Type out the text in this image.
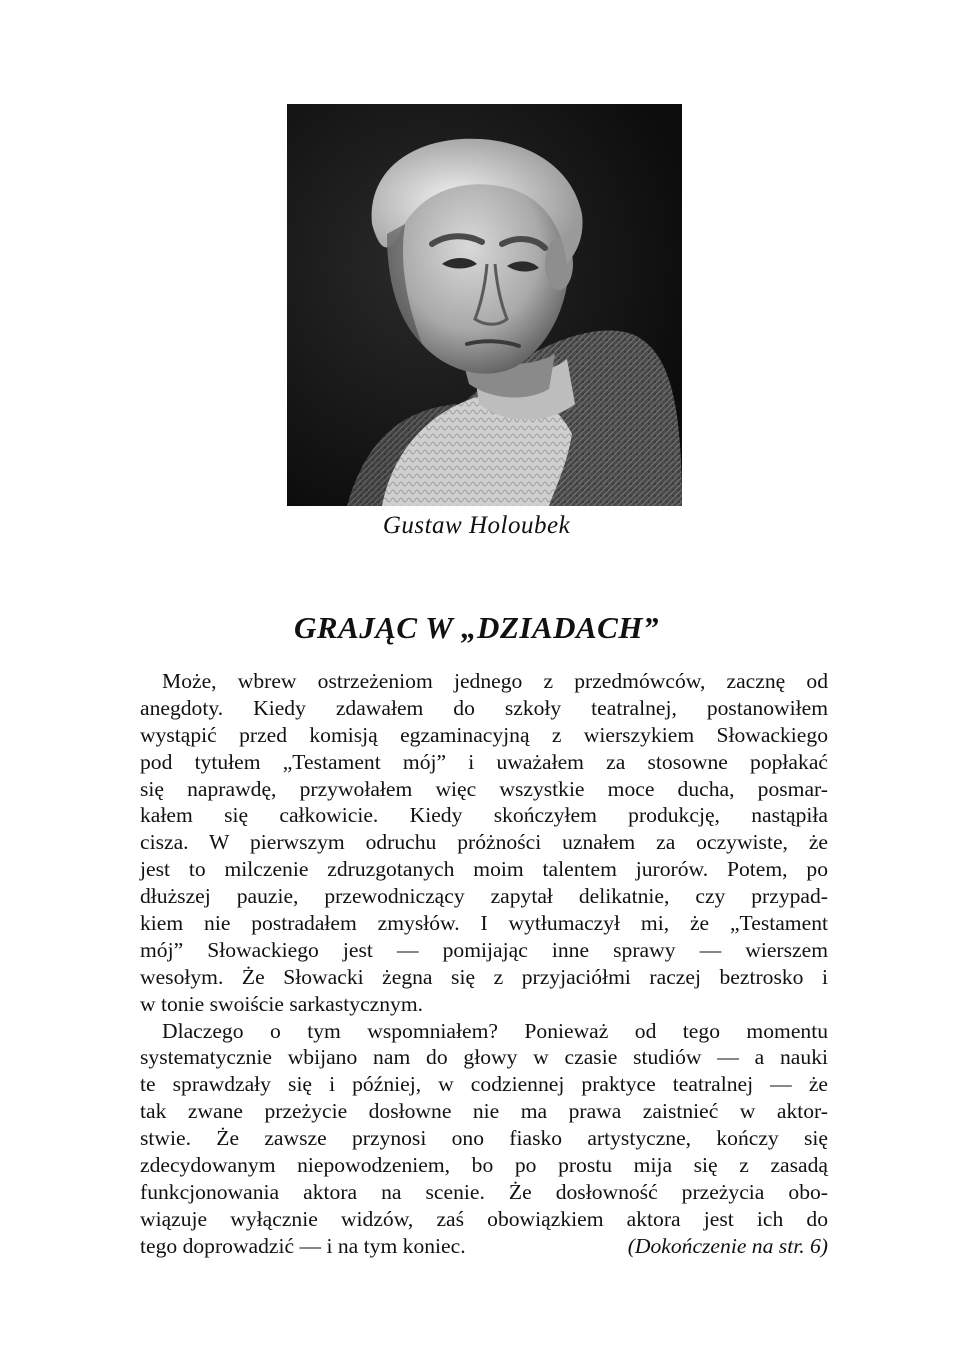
Gustaw Holoubek
GRAJĄC W „DZIADACH”
Może, wbrew ostrzeżeniom jednego z przedmówców, zacznę od
anegdoty. Kiedy zdawałem do szkoły teatralnej, postanowiłem
wystąpić przed komisją egzaminacyjną z wierszykiem Słowackiego
pod tytułem „Testament mój” i uważałem za stosowne popłakać
się naprawdę, przywołałem więc wszystkie moce ducha, posmar-
kałem się całkowicie. Kiedy skończyłem produkcję, nastąpiła
cisza. W pierwszym odruchu próżności uznałem za oczywiste, że
jest to milczenie zdruzgotanych moim talentem jurorów. Potem, po
dłuższej pauzie, przewodniczący zapytał delikatnie, czy przypad-
kiem nie postradałem zmysłów. I wytłumaczył mi, że „Testament
mój” Słowackiego jest — pomijając inne sprawy — wierszem
wesołym. Że Słowacki żegna się z przyjaciółmi raczej beztrosko i
w tonie swoiście sarkastycznym.
Dlaczego o tym wspomniałem? Ponieważ od tego momentu
systematycznie wbijano nam do głowy w czasie studiów — a nauki
te sprawdzały się i później, w codziennej praktyce teatralnej — że
tak zwane przeżycie dosłowne nie ma prawa zaistnieć w aktor-
stwie. Że zawsze przynosi ono fiasko artystyczne, kończy się
zdecydowanym niepowodzeniem, bo po prostu mija się z zasadą
funkcjonowania aktora na scenie. Że dosłowność przeżycia obo-
wiązuje wyłącznie widzów, zaś obowiązkiem aktora jest ich do
tego doprowadzić — i na tym koniec.	(Dokończenie na str. 6)
